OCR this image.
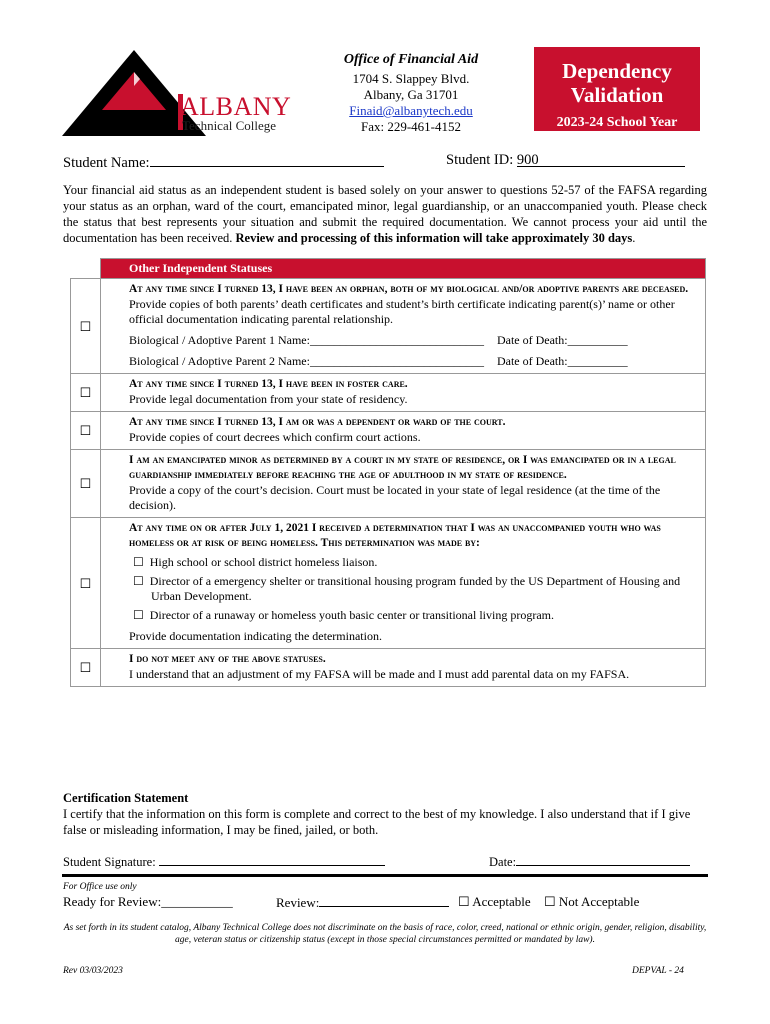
ALBANY
Technical College
Office of Financial Aid
1704 S. Slappey Blvd.
Albany, Ga 31701
Finaid@albanytech.edu
Fax: 229-461-4152
Dependency
Validation
2023-24 School Year
Student Name:	Student ID: 900
Your financial aid status as an independent student is based solely on your answer to questions 52-57 of the FAFSA regarding your status as an orphan, ward of the court, emancipated minor, legal guardianship, or an unaccompanied youth. Please check the status that best represents your situation and submit the required documentation. We cannot process your aid until the documentation has been received. Review and processing of this information will take approximately 30 days.
	Other Independent Statuses
☐	At any time since I turned 13, I have been an orphan, both of my biological and/or adoptive parents are deceased.
Provide copies of both parents’ death certificates and student’s birth certificate indicating parent(s)’ name or other official documentation indicating parental relationship.
Biological / Adoptive Parent 1 Name:_____________________________ Date of Death:__________
Biological / Adoptive Parent 2 Name:_____________________________ Date of Death:__________

☐	At any time since I turned 13, I have been in foster care.
Provide legal documentation from your state of residency.

☐	At any time since I turned 13, I am or was a dependent or ward of the court.
Provide copies of court decrees which confirm court actions.

☐	I am an emancipated minor as determined by a court in my state of residence, or I was emancipated or in a legal guardianship immediately before reaching the age of adulthood in my state of residence.
Provide a copy of the court’s decision. Court must be located in your state of legal residence (at the time of the decision).

☐	At any time on or after July 1, 2021 I received a determination that I was an unaccompanied youth who was homeless or at risk of being homeless. This determination was made by:
☐ High school or school district homeless liaison.
☐ Director of a emergency shelter or transitional housing program funded by the US Department of Housing and Urban Development.
☐ Director of a runaway or homeless youth basic center or transitional living program.
Provide documentation indicating the determination.

☐	I do not meet any of the above statuses.
I understand that an adjustment of my FAFSA will be made and I must add parental data on my FAFSA.
Certification Statement
I certify that the information on this form is complete and correct to the best of my knowledge. I also understand that if I give false or misleading information, I may be fined, jailed, or both.
Student Signature:	Date:
For Office use only
Ready for Review:___________	Review:	☐ Acceptable ☐ Not Acceptable
As set forth in its student catalog, Albany Technical College does not discriminate on the basis of race, color, creed, national or ethnic origin, gender, religion, disability, age, veteran status or citizenship status (except in those special circumstances permitted or mandated by law).
Rev 03/03/2023	DEPVAL - 24
